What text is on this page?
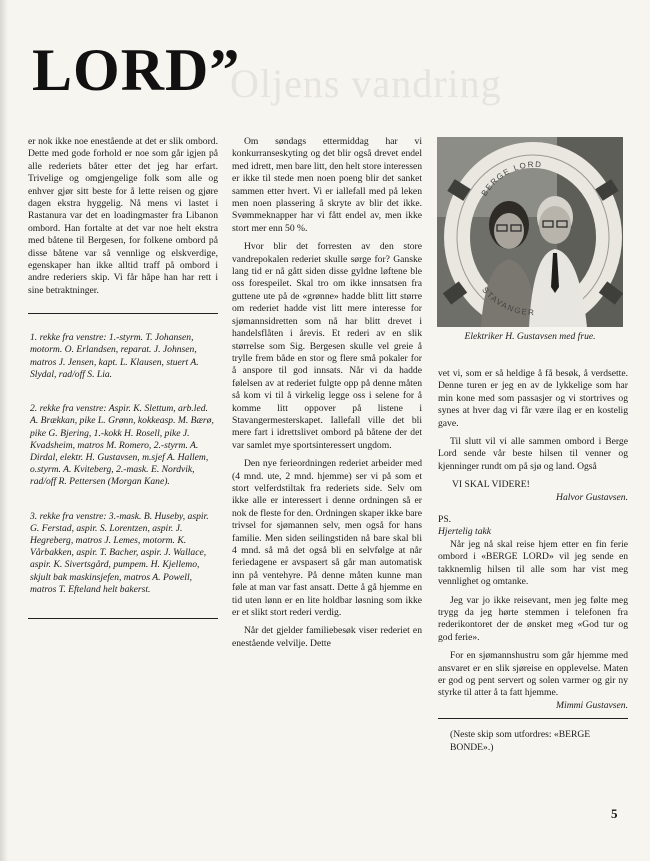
Oljens vandring
LORD”

er nok ikke noe enestående at det er slik ombord. Dette med gode forhold er noe som går igjen på alle rederiets båter etter det jeg har erfart. Trivelige og omgjengelige folk som alle og enhver gjør sitt beste for å lette reisen og gjøre dagen ekstra hyggelig. Nå mens vi lastet i Rastanura var det en loadingmaster fra Libanon ombord. Han fortalte at det var noe helt ekstra med båtene til Bergesen, for folkene ombord på disse båtene var så vennlige og elskverdige, egenskaper han ikke alltid traff på ombord i andre rederiers skip. Vi får håpe han har rett i sine betraktninger.

1. rekke fra venstre: 1.-styrm. T. Johansen, motorm. O. Erlandsen, reparat. J. Johnsen, matros J. Jensen, kapt. L. Klausen, stuert A. Slydal, rad/off S. Lia.

2. rekke fra venstre: Aspir. K. Slettum, arb.led. A. Brækkan, pike L. Grønn, kokkeasp. M. Bærø, pike G. Bjering, 1.-kokk H. Rosell, pike J. Kvadsheim, matros M. Romero, 2.-styrm. A. Dirdal, elektr. H. Gustavsen, m.sjef A. Hallem, o.styrm. A. Kviteberg, 2.-mask. E. Nordvik, rad/off R. Pettersen (Morgan Kane).

3. rekke fra venstre: 3.-mask. B. Huseby, aspir. G. Ferstad, aspir. S. Lorentzen, aspir. J. Hegreberg, matros J. Lemes, motorm. K. Vårbakken, aspir. T. Bacher, aspir. J. Wallace, aspir. K. Sivertsgård, pumpem. H. Kjellemo, skjult bak maskinsjefen, matros A. Powell, matros T. Efteland helt bakerst.

Om søndags ettermiddag har vi konkurranseskyting og det blir også drevet endel med idrett, men bare litt, den helt store interessen er ikke til stede men noen poeng blir det sanket sammen etter hvert. Vi er iallefall med på leken men noen plassering å skryte av blir det ikke. Svømmeknapper har vi fått endel av, men ikke stort mer enn 50 %.

Hvor blir det forresten av den store vandrepokalen rederiet skulle sørge for? Ganske lang tid er nå gått siden disse gyldne løftene ble oss forespeilet. Skal tro om ikke innsatsen fra guttene ute på de «grønne» hadde blitt litt større om rederiet hadde vist litt mere interesse for sjømannsidretten som nå har blitt drevet i handelsflåten i årevis. Et rederi av en slik størrelse som Sig. Bergesen skulle vel greie å trylle frem både en stor og flere små pokaler for å anspore til god innsats. Når vi da hadde følelsen av at rederiet fulgte opp på denne måten så kom vi til å virkelig legge oss i selene for å komme litt oppover på listene i Stavangermesterskapet. Iallefall ville det bli mere fart i idrettslivet ombord på båtene der det var samlet mye sportsinteressert ungdom.

Den nye ferieordningen rederiet arbeider med (4 mnd. ute, 2 mnd. hjemme) ser vi på som et stort velferdstiltak fra rederiets side. Selv om ikke alle er interessert i denne ordningen så er nok de fleste for den. Ordningen skaper ikke bare trivsel for sjømannen selv, men også for hans familie. Men siden seilingstiden nå bare skal bli 4 mnd. så må det også bli en selvfølge at når feriedagene er avspasert så går man automatisk inn på ventehyre. På denne måten kunne man føle at man var fast ansatt. Dette å gå hjemme en tid uten lønn er en lite holdbar løsning som ikke er et slikt stort rederi verdig.

Når det gjelder familiebesøk viser rederiet en enestående velvilje. Dette

BERGE LORD
STAVANGER
Elektriker H. Gustavsen med frue.

vet vi, som er så heldige å få besøk, å verdsette. Denne turen er jeg en av de lykkelige som har min kone med som passasjer og vi stortrives og synes at hver dag vi får være ilag er en kostelig gave.

Til slutt vil vi alle sammen ombord i Berge Lord sende vår beste hilsen til venner og kjenninger rundt om på sjø og land. Også

VI SKAL VIDERE!

Halvor Gustavsen.

PS.

Hjertelig takk

Når jeg nå skal reise hjem etter en fin ferie ombord i «BERGE LORD» vil jeg sende en takknemlig hilsen til alle som har vist meg vennlighet og omtanke.

Jeg var jo ikke reisevant, men jeg følte meg trygg da jeg hørte stemmen i telefonen fra rederikontoret der de ønsket meg «God tur og god ferie».

For en sjømannshustru som går hjemme med ansvaret er en slik sjøreise en opplevelse. Maten er god og pent servert og solen varmer og gir ny styrke til atter å ta fatt hjemme.

Mimmi Gustavsen.

(Neste skip som utfordres: «BERGE BONDE».)

5
